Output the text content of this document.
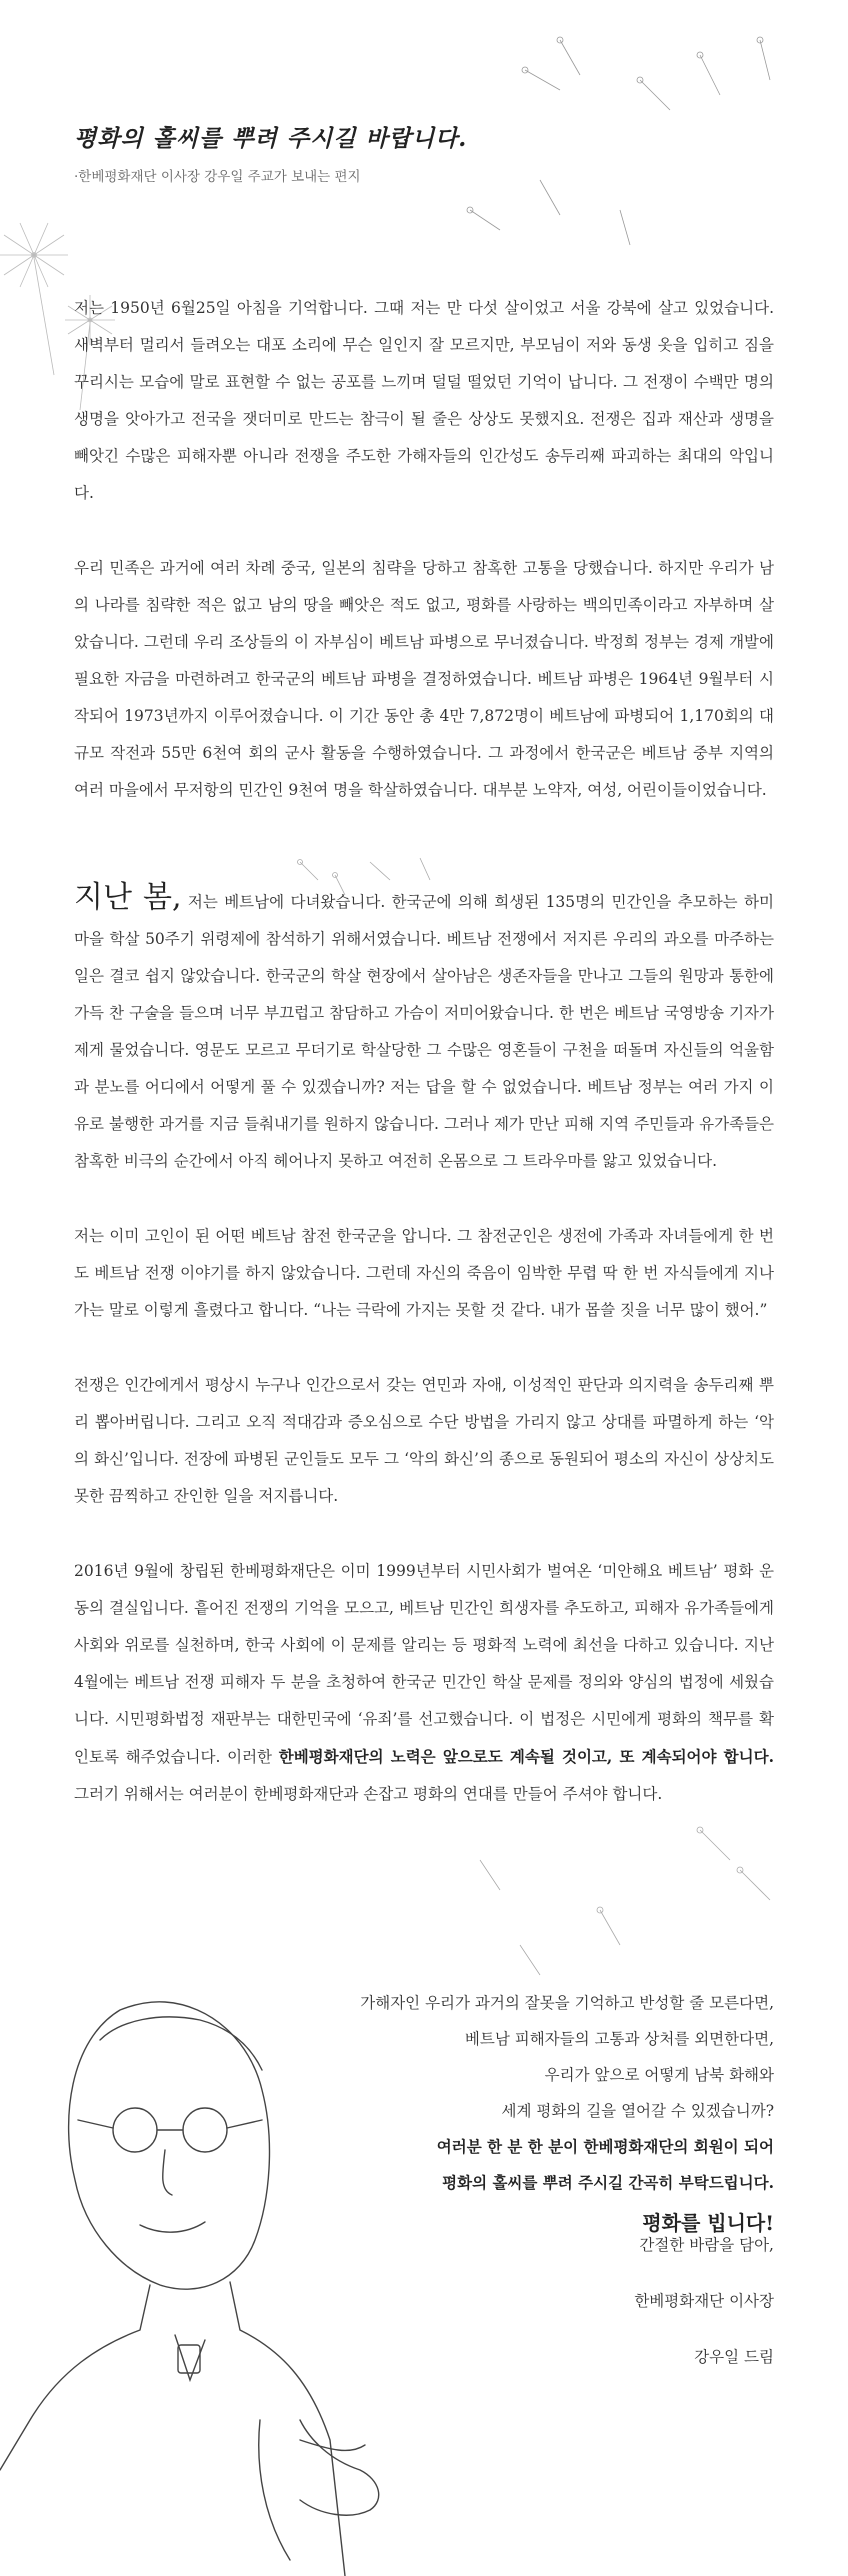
평화의 홀씨를 뿌려 주시길 바랍니다.
·한베평화재단 이사장 강우일 주교가 보내는 편지

저는 1950년 6월25일 아침을 기억합니다. 그때 저는 만 다섯 살이었고 서울 강북에 살고 있었습니다. 새벽부터 멀리서 들려오는 대포 소리에 무슨 일인지 잘 모르지만, 부모님이 저와 동생 옷을 입히고 짐을 꾸리시는 모습에 말로 표현할 수 없는 공포를 느끼며 덜덜 떨었던 기억이 납니다. 그 전쟁이 수백만 명의 생명을 앗아가고 전국을 잿더미로 만드는 참극이 될 줄은 상상도 못했지요. 전쟁은 집과 재산과 생명을 빼앗긴 수많은 피해자뿐 아니라 전쟁을 주도한 가해자들의 인간성도 송두리째 파괴하는 최대의 악입니다.

우리 민족은 과거에 여러 차례 중국, 일본의 침략을 당하고 참혹한 고통을 당했습니다. 하지만 우리가 남의 나라를 침략한 적은 없고 남의 땅을 빼앗은 적도 없고, 평화를 사랑하는 백의민족이라고 자부하며 살았습니다. 그런데 우리 조상들의 이 자부심이 베트남 파병으로 무너졌습니다. 박정희 정부는 경제 개발에 필요한 자금을 마련하려고 한국군의 베트남 파병을 결정하였습니다. 베트남 파병은 1964년 9월부터 시작되어 1973년까지 이루어졌습니다. 이 기간 동안 총 4만 7,872명이 베트남에 파병되어 1,170회의 대규모 작전과 55만 6천여 회의 군사 활동을 수행하였습니다. 그 과정에서 한국군은 베트남 중부 지역의 여러 마을에서 무저항의 민간인 9천여 명을 학살하였습니다. 대부분 노약자, 여성, 어린이들이었습니다.

지난 봄, 저는 베트남에 다녀왔습니다. 한국군에 의해 희생된 135명의 민간인을 추모하는 하미 마을 학살 50주기 위령제에 참석하기 위해서였습니다. 베트남 전쟁에서 저지른 우리의 과오를 마주하는 일은 결코 쉽지 않았습니다. 한국군의 학살 현장에서 살아남은 생존자들을 만나고 그들의 원망과 통한에 가득 찬 구술을 들으며 너무 부끄럽고 참담하고 가슴이 저미어왔습니다. 한 번은 베트남 국영방송 기자가 제게 물었습니다. 영문도 모르고 무더기로 학살당한 그 수많은 영혼들이 구천을 떠돌며 자신들의 억울함과 분노를 어디에서 어떻게 풀 수 있겠습니까? 저는 답을 할 수 없었습니다. 베트남 정부는 여러 가지 이유로 불행한 과거를 지금 들춰내기를 원하지 않습니다. 그러나 제가 만난 피해 지역 주민들과 유가족들은 참혹한 비극의 순간에서 아직 헤어나지 못하고 여전히 온몸으로 그 트라우마를 앓고 있었습니다.

저는 이미 고인이 된 어떤 베트남 참전 한국군을 압니다. 그 참전군인은 생전에 가족과 자녀들에게 한 번도 베트남 전쟁 이야기를 하지 않았습니다. 그런데 자신의 죽음이 임박한 무렵 딱 한 번 자식들에게 지나가는 말로 이렇게 흘렸다고 합니다. “나는 극락에 가지는 못할 것 같다. 내가 몹쓸 짓을 너무 많이 했어.”

전쟁은 인간에게서 평상시 누구나 인간으로서 갖는 연민과 자애, 이성적인 판단과 의지력을 송두리째 뿌리 뽑아버립니다. 그리고 오직 적대감과 증오심으로 수단 방법을 가리지 않고 상대를 파멸하게 하는 ‘악의 화신’입니다. 전장에 파병된 군인들도 모두 그 ‘악의 화신’의 종으로 동원되어 평소의 자신이 상상치도 못한 끔찍하고 잔인한 일을 저지릅니다.

2016년 9월에 창립된 한베평화재단은 이미 1999년부터 시민사회가 벌여온 ‘미안해요 베트남’ 평화 운동의 결실입니다. 흩어진 전쟁의 기억을 모으고, 베트남 민간인 희생자를 추도하고, 피해자 유가족들에게 사회와 위로를 실천하며, 한국 사회에 이 문제를 알리는 등 평화적 노력에 최선을 다하고 있습니다. 지난 4월에는 베트남 전쟁 피해자 두 분을 초청하여 한국군 민간인 학살 문제를 정의와 양심의 법정에 세웠습니다. 시민평화법정 재판부는 대한민국에 ‘유죄’를 선고했습니다. 이 법정은 시민에게 평화의 책무를 확인토록 해주었습니다. 이러한 한베평화재단의 노력은 앞으로도 계속될 것이고, 또 계속되어야 합니다. 그러기 위해서는 여러분이 한베평화재단과 손잡고 평화의 연대를 만들어 주셔야 합니다.

가해자인 우리가 과거의 잘못을 기억하고 반성할 줄 모른다면,

베트남 피해자들의 고통과 상처를 외면한다면,

우리가 앞으로 어떻게 남북 화해와

세계 평화의 길을 열어갈 수 있겠습니까?

여러분 한 분 한 분이 한베평화재단의 회원이 되어

평화의 홀씨를 뿌려 주시길 간곡히 부탁드립니다.

평화를 빕니다!

간절한 바람을 담아,

한베평화재단 이사장

강우일 드림
